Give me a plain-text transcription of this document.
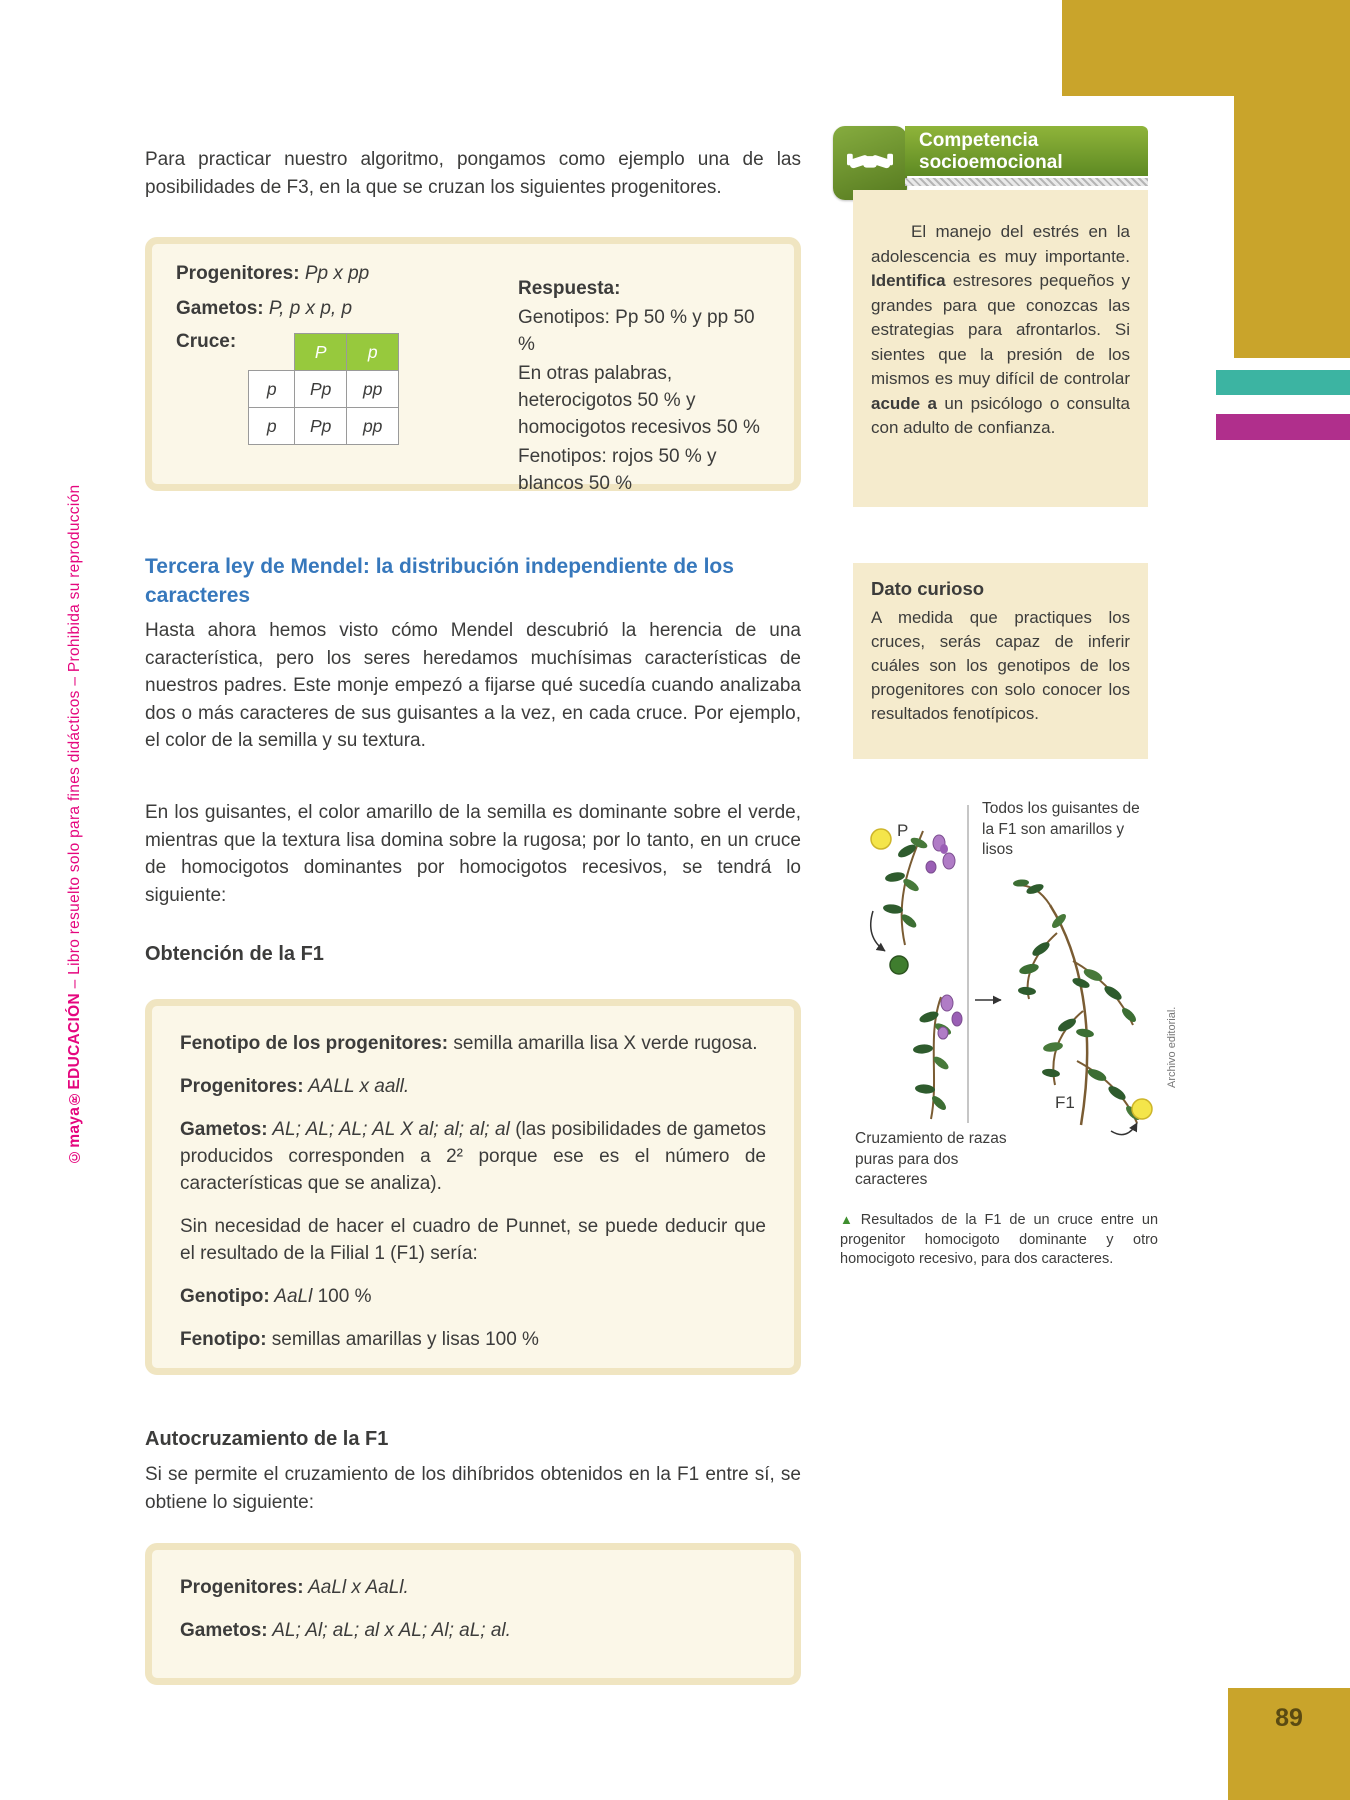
©maya®EDUCACIÓN – Libro resuelto solo para fines didácticos – Prohibida su reproducción

Para practicar nuestro algoritmo, pongamos como ejemplo una de las posibilidades de F3, en la que se cruzan los siguientes progenitores.

Progenitores: Pp x pp

Gametos: P, p x p, p

Cruce:
		P	p
p	Pp	pp
p	Pp	pp

Respuesta:

Genotipos: Pp 50 % y pp 50 %

En otras palabras, heterocigotos 50 % y homocigotos recesivos 50 %

Fenotipos: rojos 50 % y blancos 50 %

Tercera ley de Mendel: la distribución independiente de los caracteres

Hasta ahora hemos visto cómo Mendel descubrió la herencia de una característica, pero los seres heredamos muchísimas características de nuestros padres. Este monje empezó a fijarse qué sucedía cuando analizaba dos o más caracteres de sus guisantes a la vez, en cada cruce. Por ejemplo, el color de la semilla y su textura.

En los guisantes, el color amarillo de la semilla es dominante sobre el verde, mientras que la textura lisa domina sobre la rugosa; por lo tanto, en un cruce de homocigotos dominantes por homocigotos recesivos, se tendrá lo siguiente:

Obtención de la F1

Fenotipo de los progenitores: semilla amarilla lisa X verde rugosa.

Progenitores: AALL x aall.

Gametos: AL; AL; AL; AL X al; al; al; al (las posibilidades de gametos producidos corresponden a 2² porque ese es el número de características que se analiza).

Sin necesidad de hacer el cuadro de Punnet, se puede deducir que el resultado de la Filial 1 (F1) sería:

Genotipo: AaLl 100 %

Fenotipo: semillas amarillas y lisas 100 %

Autocruzamiento de la F1

Si se permite el cruzamiento de los dihíbridos obtenidos en la F1 entre sí, se obtiene lo siguiente:

Progenitores: AaLl x AaLl.

Gametos: AL; Al; aL; al x AL; Al; aL; al.

Competencia
socioemocional

El manejo del estrés en la adolescencia es muy importante. Identifica estresores pequeños y grandes para que conozcas las estrategias para afrontarlos. Si sientes que la presión de los mismos es muy difícil de controlar acude a un psicólogo o consulta con adulto de confianza.

Dato curioso
A medida que practiques los cruces, serás capaz de inferir cuáles son los genotipos de los progenitores con solo conocer los resultados fenotípicos.
P
F1
Todos los guisantes de la F1 son amarillos y lisos
Cruzamiento de razas puras para dos caracteres
Archivo editorial.

▲ Resultados de la F1 de un cruce entre un progenitor homocigoto dominante y otro homocigoto recesivo, para dos caracteres.

89
